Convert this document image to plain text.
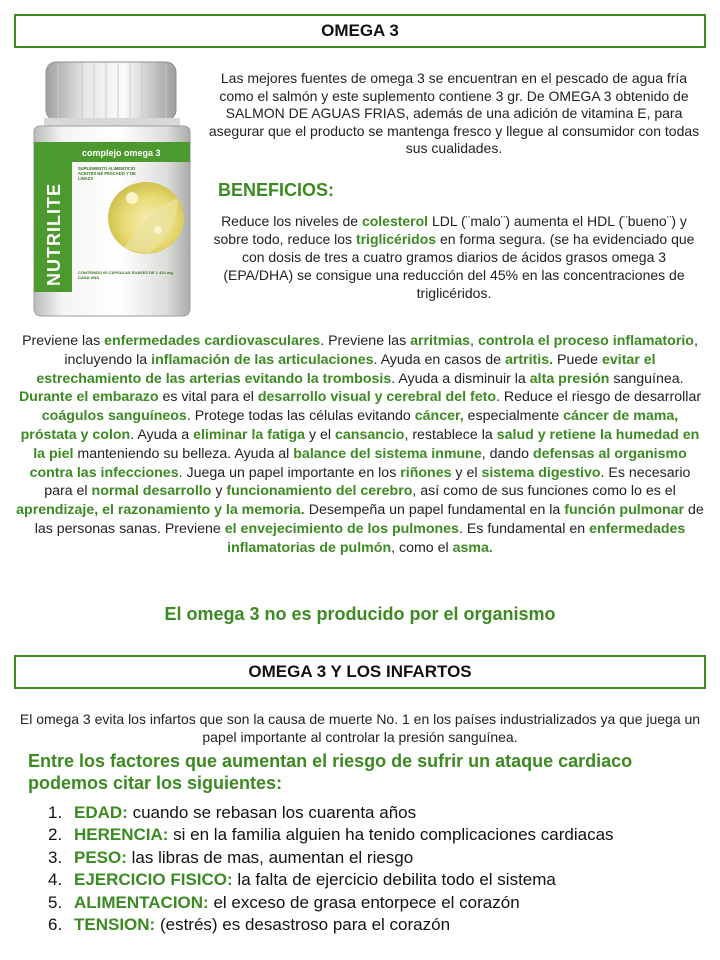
OMEGA 3
NUTRILITE
complejo omega 3
SUPLEMENTO ALIMENTICIO ACEITES DE PESCADO Y DE LINAZA
CONTENIDO 60 CÁPSULAS SUAVES DE 1 424 mg CADA UNA

Las mejores fuentes de omega 3 se encuentran en el pescado de agua fría como el salmón y este suplemento contiene 3 gr. De OMEGA 3 obtenido de SALMON DE AGUAS FRIAS, además de una adición de vitamina E, para asegurar que el producto se mantenga fresco y llegue al consumidor con todas sus cualidades.

BENEFICIOS:

Reduce los niveles de colesterol LDL (¨malo¨) aumenta el HDL (¨bueno¨) y sobre todo, reduce los triglicéridos en forma segura. (se ha evidenciado que con dosis de tres a cuatro gramos diarios de ácidos grasos omega 3 (EPA/DHA) se consigue una reducción del 45% en las concentraciones de triglicéridos.

Previene las enfermedades cardiovasculares. Previene las arritmias, controla el proceso inflamatorio, incluyendo la inflamación de las articulaciones. Ayuda en casos de artritis. Puede evitar el estrechamiento de las arterias evitando la trombosis. Ayuda a disminuir la alta presión sanguínea. Durante el embarazo es vital para el desarrollo visual y cerebral del feto. Reduce el riesgo de desarrollar coágulos sanguíneos. Protege todas las células evitando cáncer, especialmente cáncer de mama, próstata y colon. Ayuda a eliminar la fatiga y el cansancio, restablece la salud y retiene la humedad en la piel manteniendo su belleza. Ayuda al balance del sistema inmune, dando defensas al organismo contra las infecciones. Juega un papel importante en los riñones y el sistema digestivo. Es necesario para el normal desarrollo y funcionamiento del cerebro, así como de sus funciones como lo es el aprendizaje, el razonamiento y la memoria. Desempeña un papel fundamental en la función pulmonar de las personas sanas. Previene el envejecimiento de los pulmones. Es fundamental en enfermedades inflamatorias de pulmón, como el asma.

El omega 3 no es producido por el organismo
OMEGA 3 Y LOS INFARTOS

El omega 3 evita los infartos que son la causa de muerte No. 1 en los países industrializados ya que juega un papel importante al controlar la presión sanguínea.

Entre los factores que aumentan el riesgo de sufrir un ataque cardiaco podemos citar los siguientes:

1. EDAD: cuando se rebasan los cuarenta años
2. HERENCIA: si en la familia alguien ha tenido complicaciones cardiacas
3. PESO: las libras de mas, aumentan el riesgo
4. EJERCICIO FISICO: la falta de ejercicio debilita todo el sistema
5. ALIMENTACION: el exceso de grasa entorpece el corazón
6. TENSION: (estrés) es desastroso para el corazón
